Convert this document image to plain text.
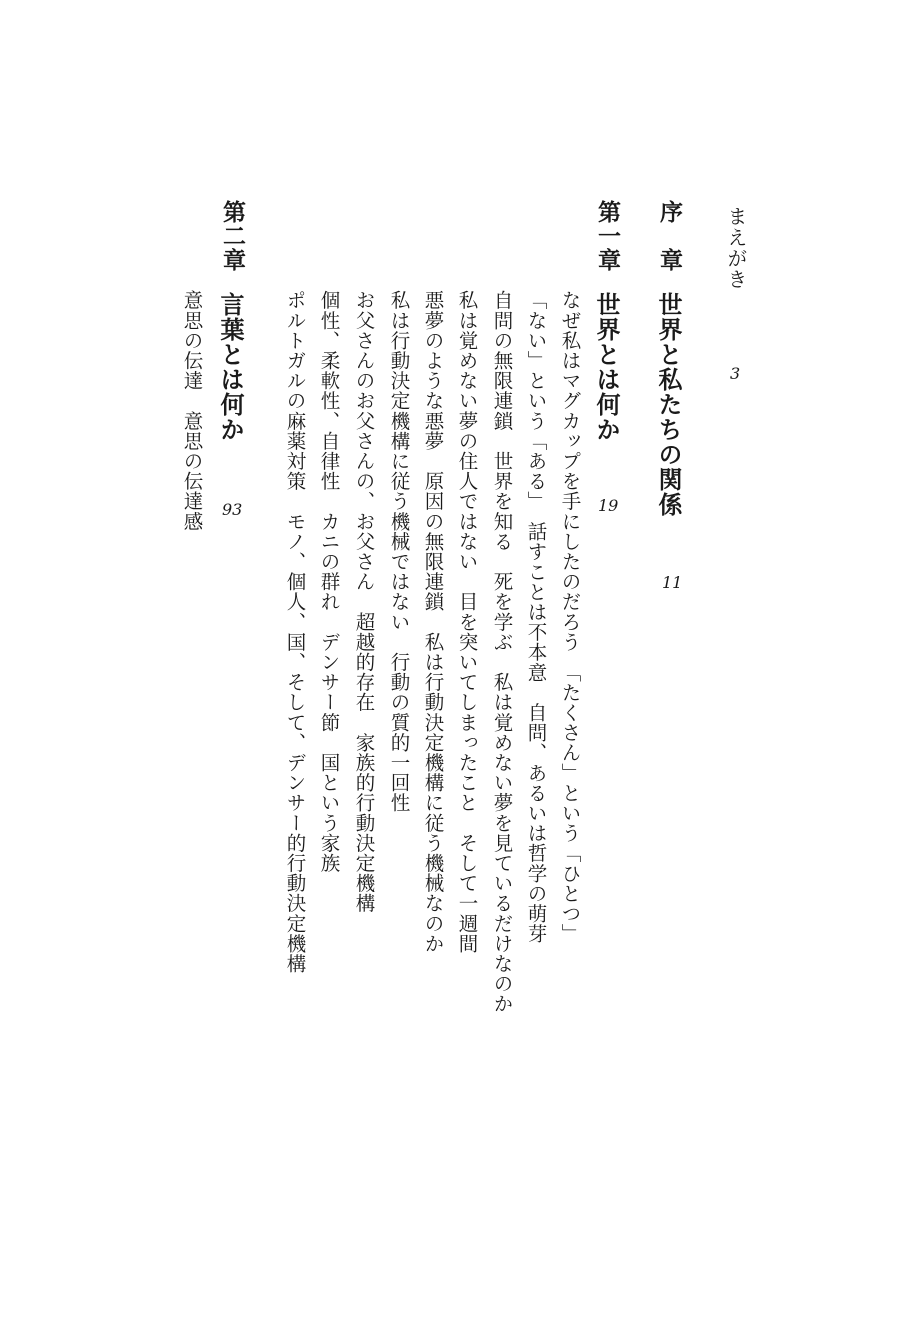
まえがき
3
序　章
世界と私たちの関係
11
第一章
世界とは何か
19
なぜ私はマグカップを手にしたのだろう　「たくさん」という「ひとつ」
「ない」という「ある」　話すことは不本意　自問、あるいは哲学の萌芽
自問の無限連鎖　世界を知る　死を学ぶ　私は覚めない夢を見ているだけなのか
私は覚めない夢の住人ではない　目を突いてしまったこと　そして一週間
悪夢のような悪夢　原因の無限連鎖　私は行動決定機構に従う機械なのか
私は行動決定機構に従う機械ではない　行動の質的一回性
お父さんのお父さんの、お父さん　超越的存在　家族的行動決定機構
個性、柔軟性、自律性　カニの群れ　デンサー節　国という家族
ポルトガルの麻薬対策　モノ、個人、国、そして、デンサー的行動決定機構
第二章
言葉とは何か
93
意思の伝達　意思の伝達感
